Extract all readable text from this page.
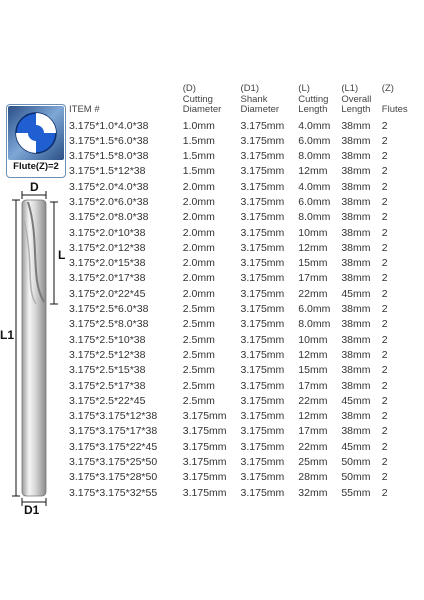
Flute(Z)=2
D
L
L1
D1

ITEM #	(D)
Cutting
Diameter	(D1)
Shank
Diameter	(L)
Cutting
Length	(L1)
Overall
Length	(Z)

Flutes

3.175*1.0*4.0*38	1.0mm	3.175mm	4.0mm	38mm	2
3.175*1.5*6.0*38	1.5mm	3.175mm	6.0mm	38mm	2
3.175*1.5*8.0*38	1.5mm	3.175mm	8.0mm	38mm	2
3.175*1.5*12*38	1.5mm	3.175mm	12mm	38mm	2
3.175*2.0*4.0*38	2.0mm	3.175mm	4.0mm	38mm	2
3.175*2.0*6.0*38	2.0mm	3.175mm	6.0mm	38mm	2
3.175*2.0*8.0*38	2.0mm	3.175mm	8.0mm	38mm	2
3.175*2.0*10*38	2.0mm	3.175mm	10mm	38mm	2
3.175*2.0*12*38	2.0mm	3.175mm	12mm	38mm	2
3.175*2.0*15*38	2.0mm	3.175mm	15mm	38mm	2
3.175*2.0*17*38	2.0mm	3.175mm	17mm	38mm	2
3.175*2.0*22*45	2.0mm	3.175mm	22mm	45mm	2
3.175*2.5*6.0*38	2.5mm	3.175mm	6.0mm	38mm	2
3.175*2.5*8.0*38	2.5mm	3.175mm	8.0mm	38mm	2
3.175*2.5*10*38	2.5mm	3.175mm	10mm	38mm	2
3.175*2.5*12*38	2.5mm	3.175mm	12mm	38mm	2
3.175*2.5*15*38	2.5mm	3.175mm	15mm	38mm	2
3.175*2.5*17*38	2.5mm	3.175mm	17mm	38mm	2
3.175*2.5*22*45	2.5mm	3.175mm	22mm	45mm	2
3.175*3.175*12*38	3.175mm	3.175mm	12mm	38mm	2
3.175*3.175*17*38	3.175mm	3.175mm	17mm	38mm	2
3.175*3.175*22*45	3.175mm	3.175mm	22mm	45mm	2
3.175*3.175*25*50	3.175mm	3.175mm	25mm	50mm	2
3.175*3.175*28*50	3.175mm	3.175mm	28mm	50mm	2
3.175*3.175*32*55	3.175mm	3.175mm	32mm	55mm	2
